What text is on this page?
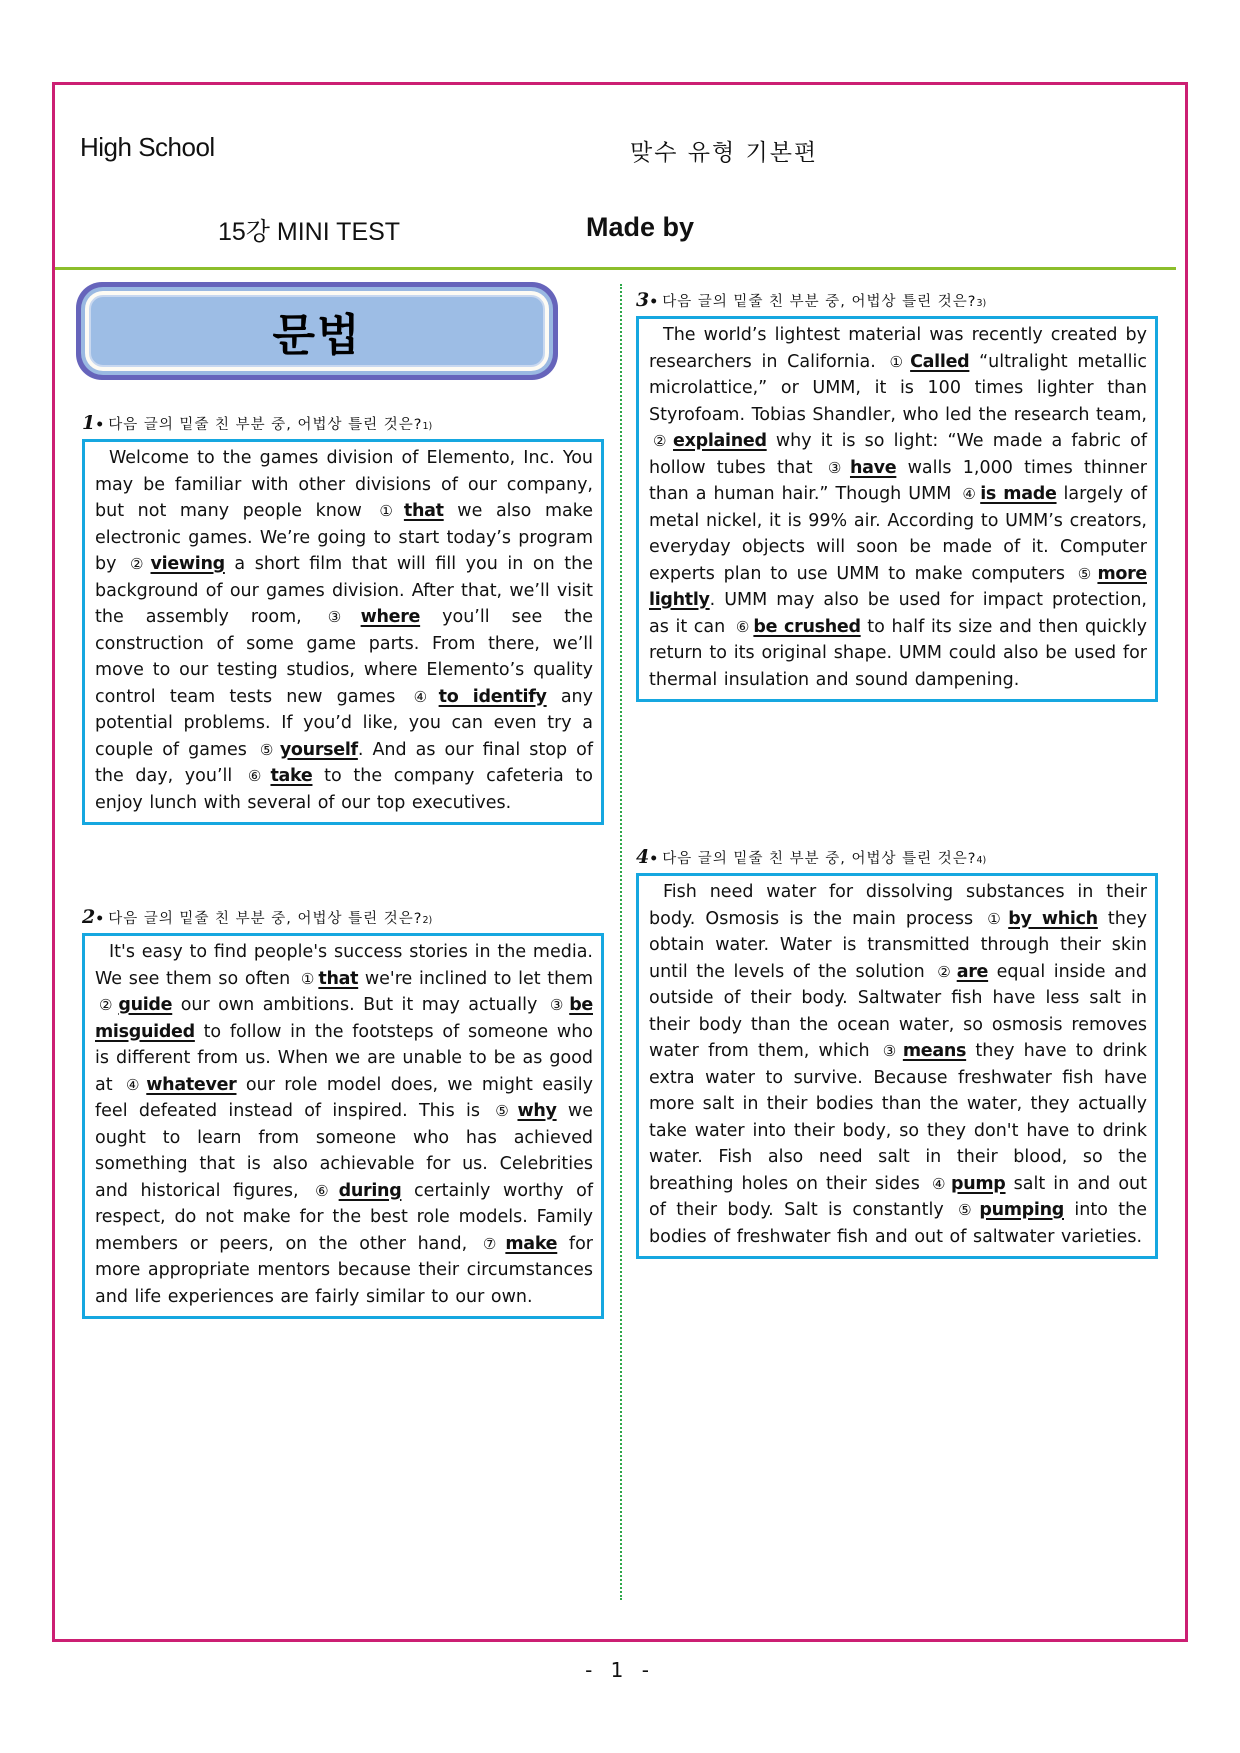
High School	맞수 유형 기본편
15강 MINI TEST	Made by
문법
1• 다음 글의 밑줄 친 부분 중, 어법상 틀린 것은? 1)
Welcome to the games division of Elemento, Inc. You may be familiar with other divisions of our company, but not many people know ① that we also make electronic games. We’re going to start today’s program by ② viewing a short film that will fill you in on the background of our games division. After that, we’ll visit the assembly room, ③ where you’ll see the construction of some game parts. From there, we’ll move to our testing studios, where Elemento’s quality control team tests new games ④ to identify any potential problems. If you’d like, you can even try a couple of games ⑤ yourself. And as our final stop of the day, you’ll ⑥ take to the company cafeteria to enjoy lunch with several of our top executives.
2• 다음 글의 밑줄 친 부분 중, 어법상 틀린 것은? 2)
It's easy to find people's success stories in the media. We see them so often ① that we're inclined to let them ② guide our own ambitions. But it may actually ③ be misguided to follow in the footsteps of someone who is different from us. When we are unable to be as good at ④ whatever our role model does, we might easily feel defeated instead of inspired. This is ⑤ why we ought to learn from someone who has achieved something that is also achievable for us. Celebrities and historical figures, ⑥ during certainly worthy of respect, do not make for the best role models. Family members or peers, on the other hand, ⑦ make for more appropriate mentors because their circumstances and life experiences are fairly similar to our own.
3• 다음 글의 밑줄 친 부분 중, 어법상 틀린 것은? 3)
The world’s lightest material was recently created by researchers in California. ① Called “ultralight metallic microlattice,” or UMM, it is 100 times lighter than Styrofoam. Tobias Shandler, who led the research team, ② explained why it is so light: “We made a fabric of hollow tubes that ③ have walls 1,000 times thinner than a human hair.” Though UMM ④ is made largely of metal nickel, it is 99% air. According to UMM’s creators, everyday objects will soon be made of it. Computer experts plan to use UMM to make computers ⑤ more lightly. UMM may also be used for impact protection, as it can ⑥ be crushed to half its size and then quickly return to its original shape. UMM could also be used for thermal insulation and sound dampening.
4• 다음 글의 밑줄 친 부분 중, 어법상 틀린 것은? 4)
Fish need water for dissolving substances in their body. Osmosis is the main process ① by which they obtain water. Water is transmitted through their skin until the levels of the solution ② are equal inside and outside of their body. Saltwater fish have less salt in their body than the ocean water, so osmosis removes water from them, which ③ means they have to drink extra water to survive. Because freshwater fish have more salt in their bodies than the water, they actually take water into their body, so they don't have to drink water. Fish also need salt in their blood, so the breathing holes on their sides ④ pump salt in and out of their body. Salt is constantly ⑤ pumping into the bodies of freshwater fish and out of saltwater varieties.
- 1 -
